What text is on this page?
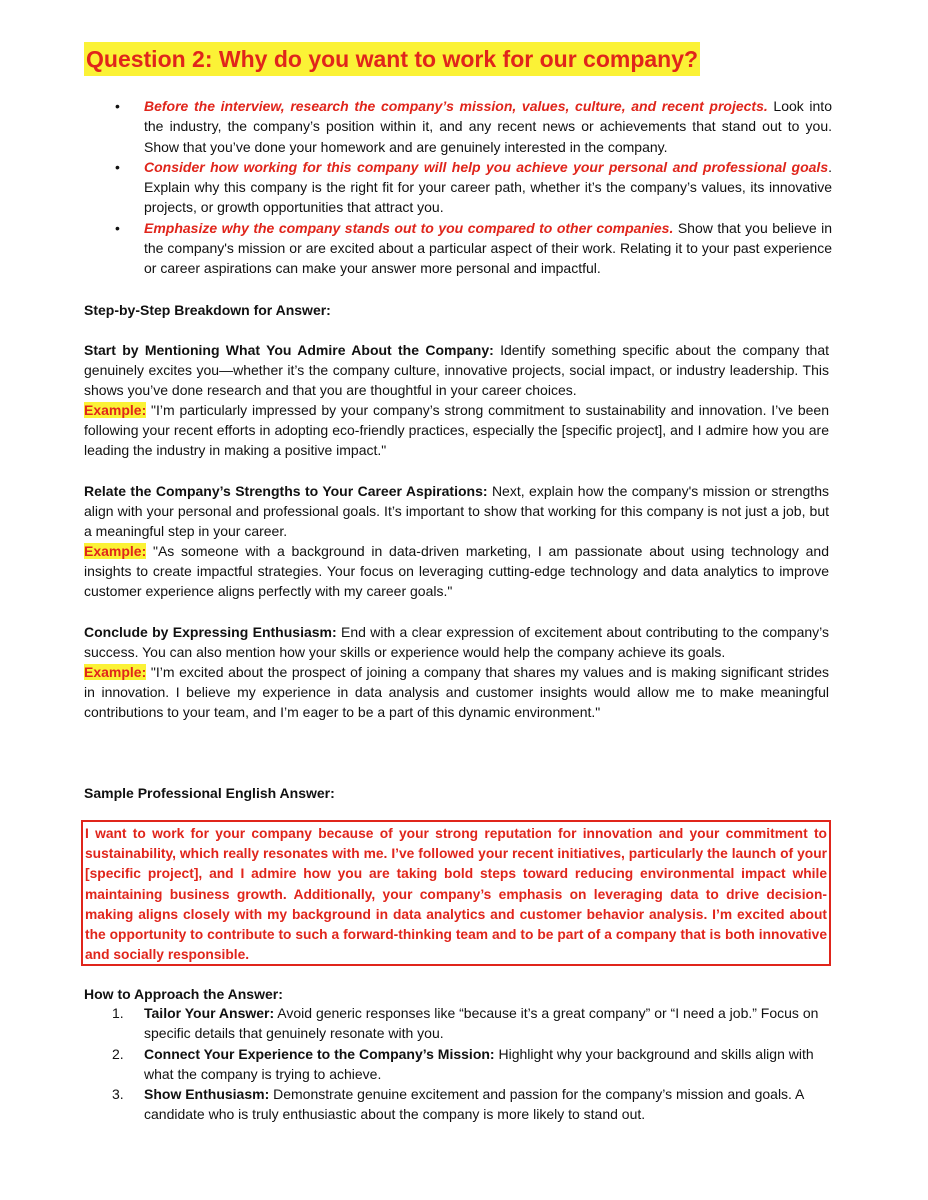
Question 2: Why do you want to work for our company?
• Before the interview, research the company’s mission, values, culture, and recent projects. Look into the industry, the company’s position within it, and any recent news or achievements that stand out to you. Show that you’ve done your homework and are genuinely interested in the company.
• Consider how working for this company will help you achieve your personal and professional goals. Explain why this company is the right fit for your career path, whether it’s the company’s values, its innovative projects, or growth opportunities that attract you.
• Emphasize why the company stands out to you compared to other companies. Show that you believe in the company's mission or are excited about a particular aspect of their work. Relating it to your past experience or career aspirations can make your answer more personal and impactful.
Step-by-Step Breakdown for Answer:
Start by Mentioning What You Admire About the Company: Identify something specific about the company that genuinely excites you—whether it’s the company culture, innovative projects, social impact, or industry leadership. This shows you’ve done research and that you are thoughtful in your career choices.
Example: "I’m particularly impressed by your company’s strong commitment to sustainability and innovation. I’ve been following your recent efforts in adopting eco-friendly practices, especially the [specific project], and I admire how you are leading the industry in making a positive impact."
Relate the Company’s Strengths to Your Career Aspirations: Next, explain how the company's mission or strengths align with your personal and professional goals. It’s important to show that working for this company is not just a job, but a meaningful step in your career.
Example: "As someone with a background in data-driven marketing, I am passionate about using technology and insights to create impactful strategies. Your focus on leveraging cutting-edge technology and data analytics to improve customer experience aligns perfectly with my career goals."
Conclude by Expressing Enthusiasm: End with a clear expression of excitement about contributing to the company’s success. You can also mention how your skills or experience would help the company achieve its goals.
Example: "I’m excited about the prospect of joining a company that shares my values and is making significant strides in innovation. I believe my experience in data analysis and customer insights would allow me to make meaningful contributions to your team, and I’m eager to be a part of this dynamic environment."
Sample Professional English Answer:
I want to work for your company because of your strong reputation for innovation and your commitment to sustainability, which really resonates with me. I’ve followed your recent initiatives, particularly the launch of your [specific project], and I admire how you are taking bold steps toward reducing environmental impact while maintaining business growth. Additionally, your company’s emphasis on leveraging data to drive decision-making aligns closely with my background in data analytics and customer behavior analysis. I’m excited about the opportunity to contribute to such a forward-thinking team and to be part of a company that is both innovative and socially responsible.
How to Approach the Answer:
1. Tailor Your Answer: Avoid generic responses like “because it’s a great company” or “I need a job.” Focus on specific details that genuinely resonate with you.
2. Connect Your Experience to the Company’s Mission: Highlight why your background and skills align with what the company is trying to achieve.
3. Show Enthusiasm: Demonstrate genuine excitement and passion for the company’s mission and goals. A candidate who is truly enthusiastic about the company is more likely to stand out.
